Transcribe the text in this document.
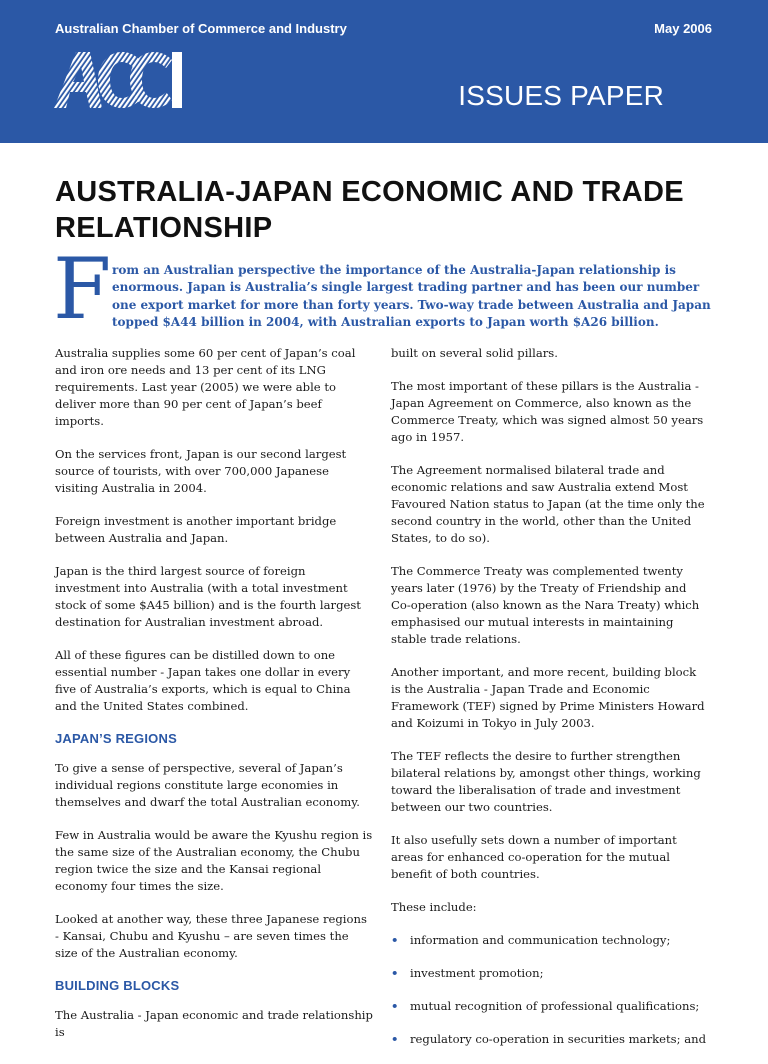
Australian Chamber of Commerce and Industry	May 2006
ISSUES PAPER
AUSTRALIA-JAPAN ECONOMIC AND TRADE RELATIONSHIP
F rom an Australian perspective the importance of the Australia-Japan relationship is enormous. Japan is Australia’s single largest trading partner and has been our number one export market for more than forty years. Two-way trade between Australia and Japan topped $A44 billion in 2004, with Australian exports to Japan worth $A26 billion.

Australia supplies some 60 per cent of Japan’s coal and iron ore needs and 13 per cent of its LNG requirements. Last year (2005) we were able to deliver more than 90 per cent of Japan’s beef imports.

On the services front, Japan is our second largest source of tourists, with over 700,000 Japanese visiting Australia in 2004.

Foreign investment is another important bridge between Australia and Japan.

Japan is the third largest source of foreign investment into Australia (with a total investment stock of some $A45 billion) and is the fourth largest destination for Australian investment abroad.

All of these figures can be distilled down to one essential number - Japan takes one dollar in every five of Australia’s exports, which is equal to China and the United States combined.

JAPAN’S REGIONS

To give a sense of perspective, several of Japan’s individual regions constitute large economies in themselves and dwarf the total Australian economy.

Few in Australia would be aware the Kyushu region is the same size of the Australian economy, the Chubu region twice the size and the Kansai regional economy four times the size.

Looked at another way, these three Japanese regions - Kansai, Chubu and Kyushu – are seven times the size of the Australian economy.

BUILDING BLOCKS

The Australia - Japan economic and trade relationship is

built on several solid pillars.

The most important of these pillars is the Australia - Japan Agreement on Commerce, also known as the Commerce Treaty, which was signed almost 50 years ago in 1957.

The Agreement normalised bilateral trade and economic relations and saw Australia extend Most Favoured Nation status to Japan (at the time only the second country in the world, other than the United States, to do so).

The Commerce Treaty was complemented twenty years later (1976) by the Treaty of Friendship and Co-operation (also known as the Nara Treaty) which emphasised our mutual interests in maintaining stable trade relations.

Another important, and more recent, building block is the Australia - Japan Trade and Economic Framework (TEF) signed by Prime Ministers Howard and Koizumi in Tokyo in July 2003.

The TEF reflects the desire to further strengthen bilateral relations by, amongst other things, working toward the liberalisation of trade and investment between our two countries.

It also usefully sets down a number of important areas for enhanced co-operation for the mutual benefit of both countries.

These include:

• information and communication technology;
• investment promotion;
• mutual recognition of professional qualifications;
• regulatory co-operation in securities markets; and
